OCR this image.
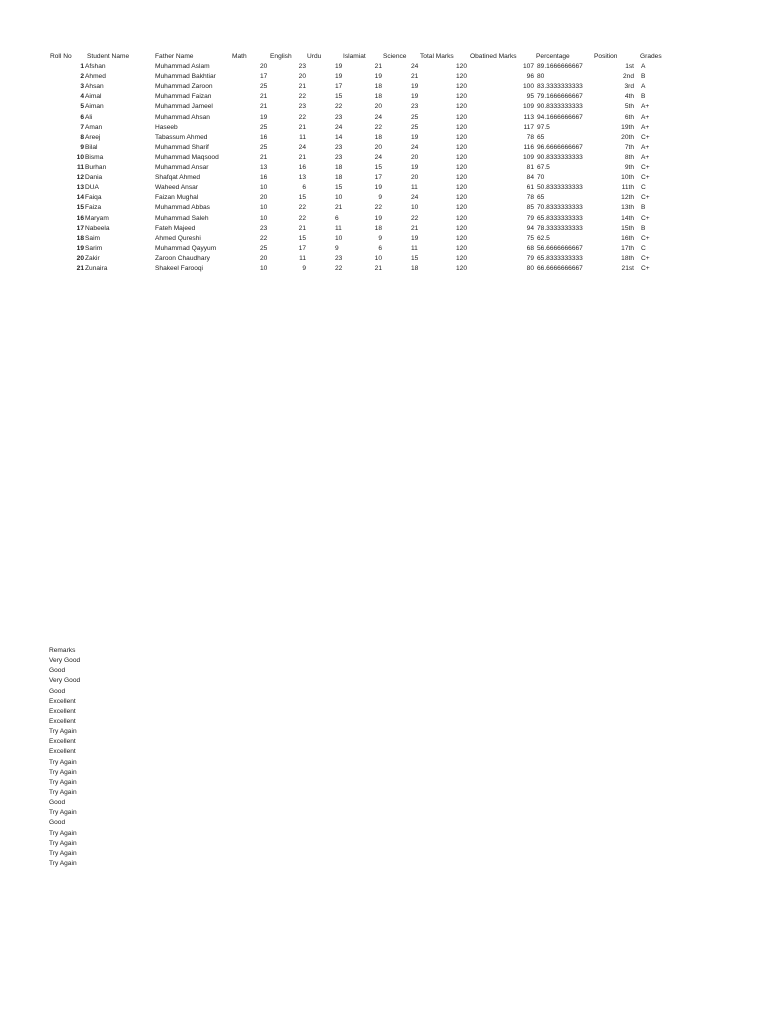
Roll No Student Name	Father Name	Math	English Urdu	Islamiat	Science Total Marks Obatined Marks	Percentage	Position	Grades
1 Afshan	Muhammad Aslam	20	23	19	21	24	120	107 89.1666666667	1st A
2 Ahmed	Muhammad Bakhtiar	17	20	19	19	21	120	96 80	2nd B
3 Ahsan	Muhammad Zaroon	25	21	17	18	19	120	100 83.3333333333	3rd A
4 Aimal	Muhammad Faizan	21	22	15	18	19	120	95 79.1666666667	4th B
5 Aiman	Muhammad Jameel	21	23	22	20	23	120	109 90.8333333333	5th A+
6 Ali	Muhammad Ahsan	19	22	23	24	25	120	113 94.1666666667	6th A+
7 Aman	Haseeb	25	21	24	22	25	120	117 97.5	19th A+
8 Areej	Tabassum Ahmed	16	11	14	18	19	120	78 65	20th C+
9 Bilal	Muhammad Sharif	25	24	23	20	24	120	116 96.6666666667	7th A+
10 Bisma	Muhammad Maqsood	21	21	23	24	20	120	109 90.8333333333	8th A+
11 Burhan	Muhammad Ansar	13	16	18	15	19	120	81 67.5	9th C+
12 Dania	Shafqat Ahmed	16	13	18	17	20	120	84 70	10th C+
13 DUA	Waheed Ansar	10	6	15	19	11	120	61 50.8333333333	11th C
14 Faiqa	Faizan Mughal	20	15	10	9	24	120	78 65	12th C+
15 Faiza	Muhammad Abbas	10	22	21	22	10	120	85 70.8333333333	13th B
16 Maryam	Muhammad Saleh	10	22	6	19	22	120	79 65.8333333333	14th C+
17 Nabeela	Fateh Majeed	23	21	11	18	21	120	94 78.3333333333	15th B
18 Saim	Ahmed Qureshi	22	15	10	9	19	120	75 62.5	16th C+
19 Sarim	Muhammad Qayyum	25	17	9	6	11	120	68 56.6666666667	17th C
20 Zakir	Zaroon Chaudhary	20	11	23	10	15	120	79 65.8333333333	18th C+
21 Zunaira	Shakeel Farooqi	10	9	22	21	18	120	80 66.6666666667	21st C+
Remarks
Very Good
Good
Very Good
Good
Excellent
Excellent
Excellent
Try Again
Excellent
Excellent
Try Again
Try Again
Try Again
Try Again
Good
Try Again
Good
Try Again
Try Again
Try Again
Try Again
